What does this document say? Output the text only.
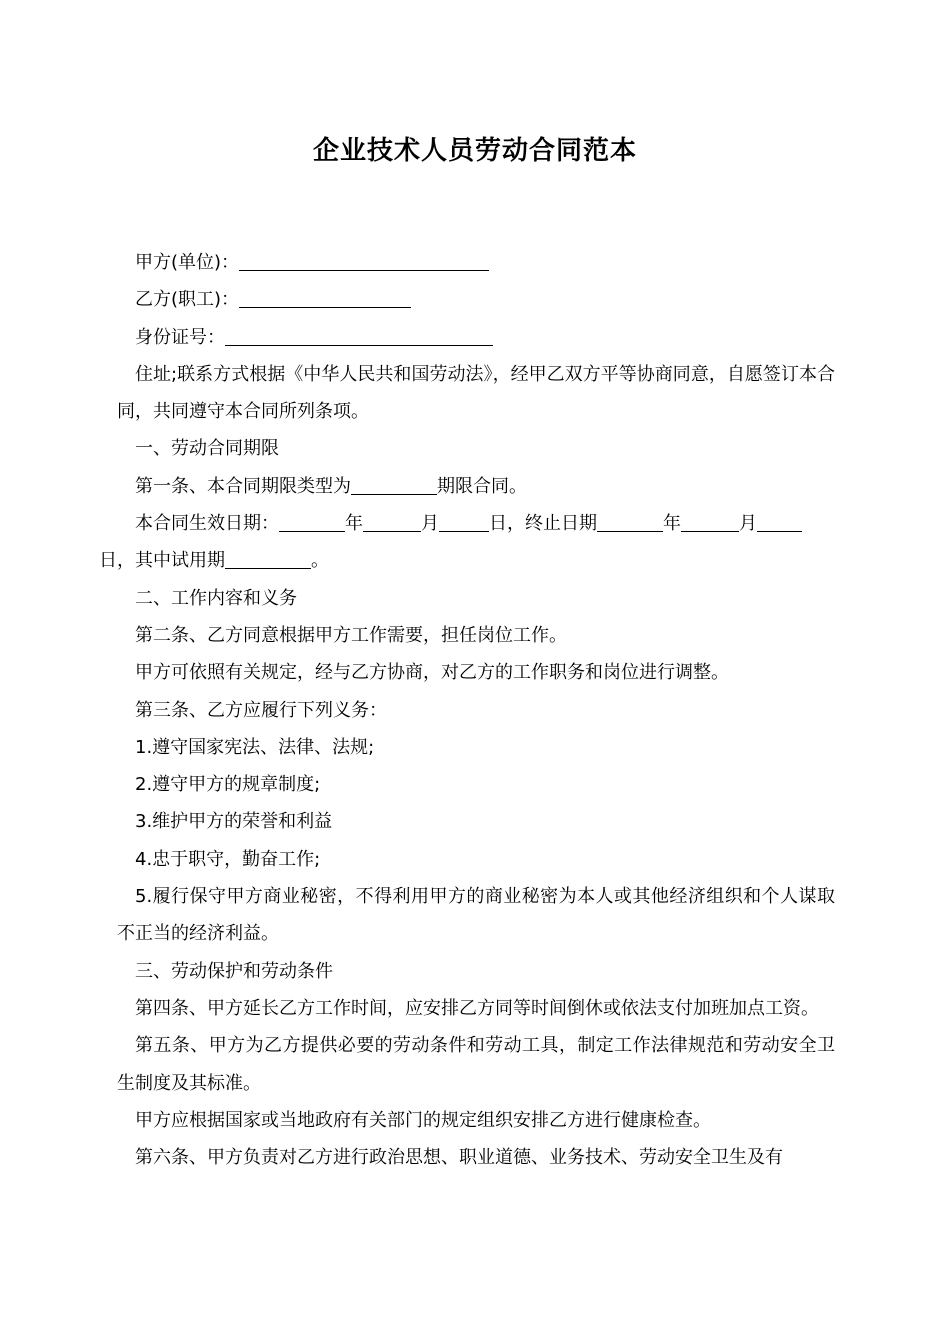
企业技术人员劳动合同范本

甲方(单位)：

乙方(职工)：

身份证号：

住址;联系方式根据《中华人民共和国劳动法》，经甲乙双方平等协商同意，自愿签订本合同，共同遵守本合同所列条项。

一、劳动合同期限

第一条、本合同期限类型为	期限合同。

本合同生效日期：	年	月	日，终止日期	年	月
日，其中试用期	。

二、工作内容和义务

第二条、乙方同意根据甲方工作需要，担任岗位工作。

甲方可依照有关规定，经与乙方协商，对乙方的工作职务和岗位进行调整。

第三条、乙方应履行下列义务：

1.遵守国家宪法、法律、法规;

2.遵守甲方的规章制度;

3.维护甲方的荣誉和利益

4.忠于职守，勤奋工作;

5.履行保守甲方商业秘密，不得利用甲方的商业秘密为本人或其他经济组织和个人谋取不正当的经济利益。

三、劳动保护和劳动条件

第四条、甲方延长乙方工作时间，应安排乙方同等时间倒休或依法支付加班加点工资。

第五条、甲方为乙方提供必要的劳动条件和劳动工具，制定工作法律规范和劳动安全卫生制度及其标准。

甲方应根据国家或当地政府有关部门的规定组织安排乙方进行健康检查。

第六条、甲方负责对乙方进行政治思想、职业道德、业务技术、劳动安全卫生及有
